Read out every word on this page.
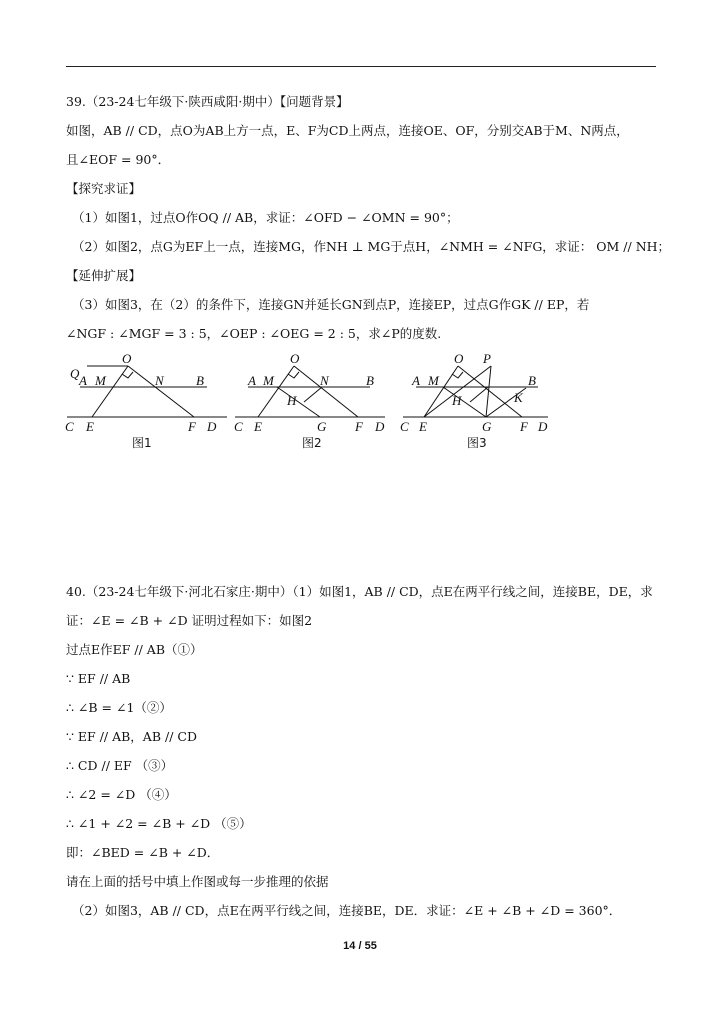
39.（23-24七年级下·陕西咸阳·期中）【问题背景】
如图，AB // CD，点O为AB上方一点，E、F为CD上两点，连接OE、OF，分别交AB于M、N两点，
且∠EOF = 90°．
【探究求证】
（1）如图1，过点O作OQ // AB，求证：∠OFD − ∠OMN = 90°；
（2）如图2，点G为EF上一点，连接MG，作NH ⊥ MG于点H，∠NMH = ∠NFG，求证： OM // NH；
【延伸扩展】
（3）如图3，在（2）的条件下，连接GN并延长GN到点P，连接EP，过点G作GK // EP，若
∠NGF : ∠MGF = 3 : 5，∠OEP : ∠OEG = 2 : 5，求∠P的度数.
O
Q A M	N B
C E	F D
O
A M	N	B
H
C E	G F D
O P
A M	B
K
H
C E	G F D
图1	图2	图3
40.（23-24七年级下·河北石家庄·期中）（1）如图1，AB // CD，点E在两平行线之间，连接BE，DE，求
证：∠E = ∠B + ∠D 证明过程如下：如图2
过点E作EF // AB（①）
∵ EF // AB
∴ ∠B = ∠1（②）
∵ EF // AB，AB // CD
∴ CD // EF （③）
∴ ∠2 = ∠D （④）
∴ ∠1 + ∠2 = ∠B + ∠D （⑤）
即：∠BED = ∠B + ∠D．
请在上面的括号中填上作图或每一步推理的依据
（2）如图3，AB // CD，点E在两平行线之间，连接BE，DE．求证：∠E + ∠B + ∠D = 360°．
14 / 55
